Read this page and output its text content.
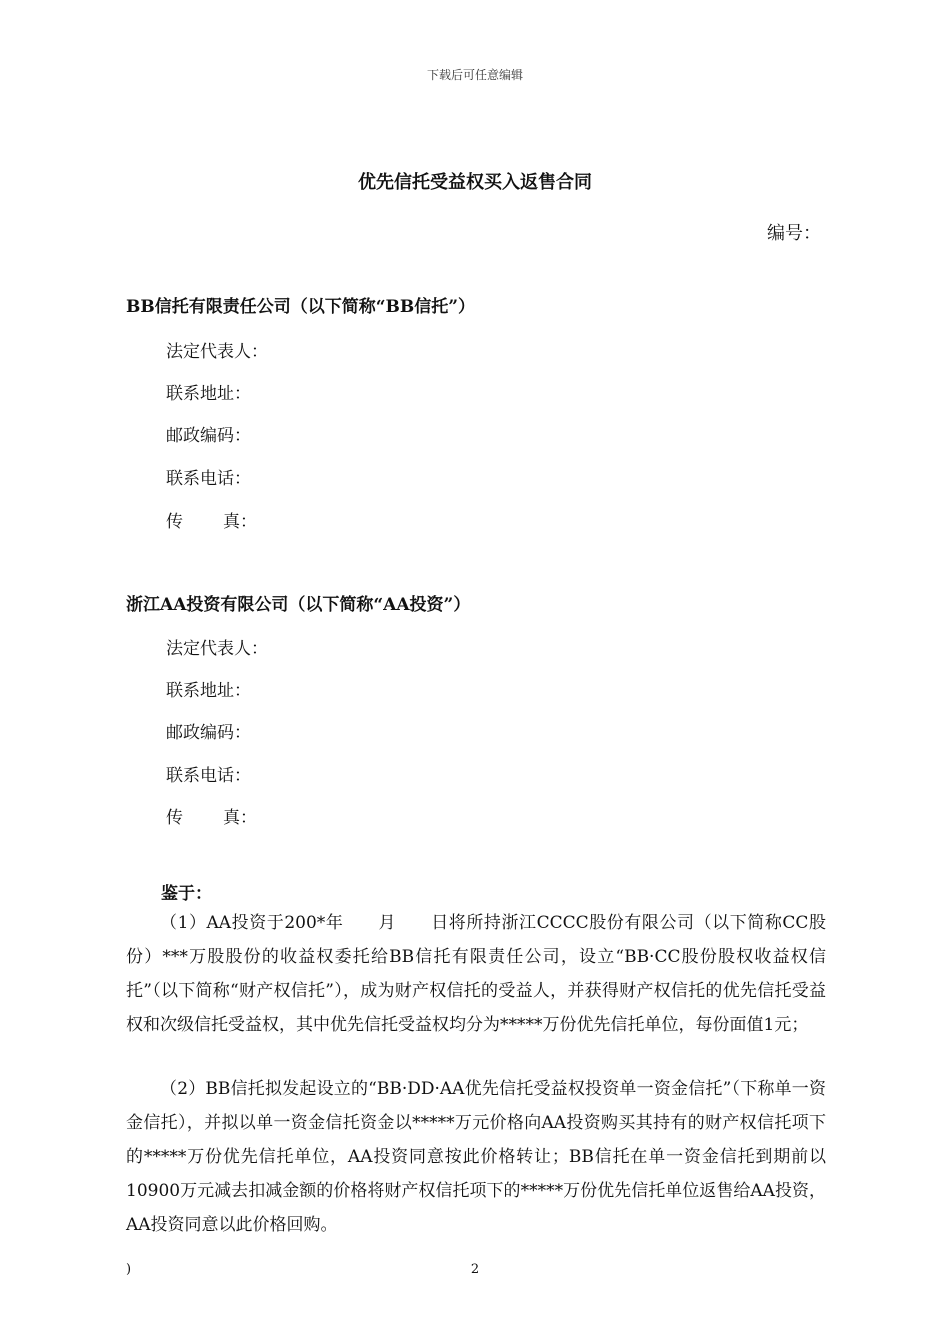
下载后可任意编辑
优先信托受益权买入返售合同
编号：
BB信托有限责任公司（以下简称“BB信托”）
法定代表人：
联系地址：
邮政编码：
联系电话：
传 真：
浙江AA投资有限公司（以下简称“AA投资”）
法定代表人：
联系地址：
邮政编码：
联系电话：
传 真：
鉴于：

（1）AA投资于200*年　　月　　日将所持浙江CCCC股份有限公司（以下简称CC股份）***万股股份的收益权委托给BB信托有限责任公司，设立“BB·CC股份股权收益权信托”（以下简称“财产权信托”），成为财产权信托的受益人，并获得财产权信托的优先信托受益权和次级信托受益权，其中优先信托受益权均分为*****万份优先信托单位，每份面值1元；

（2）BB信托拟发起设立的“BB·DD·AA优先信托受益权投资单一资金信托”（下称单一资金信托），并拟以单一资金信托资金以*****万元价格向AA投资购买其持有的财产权信托项下的*****万份优先信托单位，AA投资同意按此价格转让；BB信托在单一资金信托到期前以10900万元减去扣减金额的价格将财产权信托项下的*****万份优先信托单位返售给AA投资，AA投资同意以此价格回购。

)	2
